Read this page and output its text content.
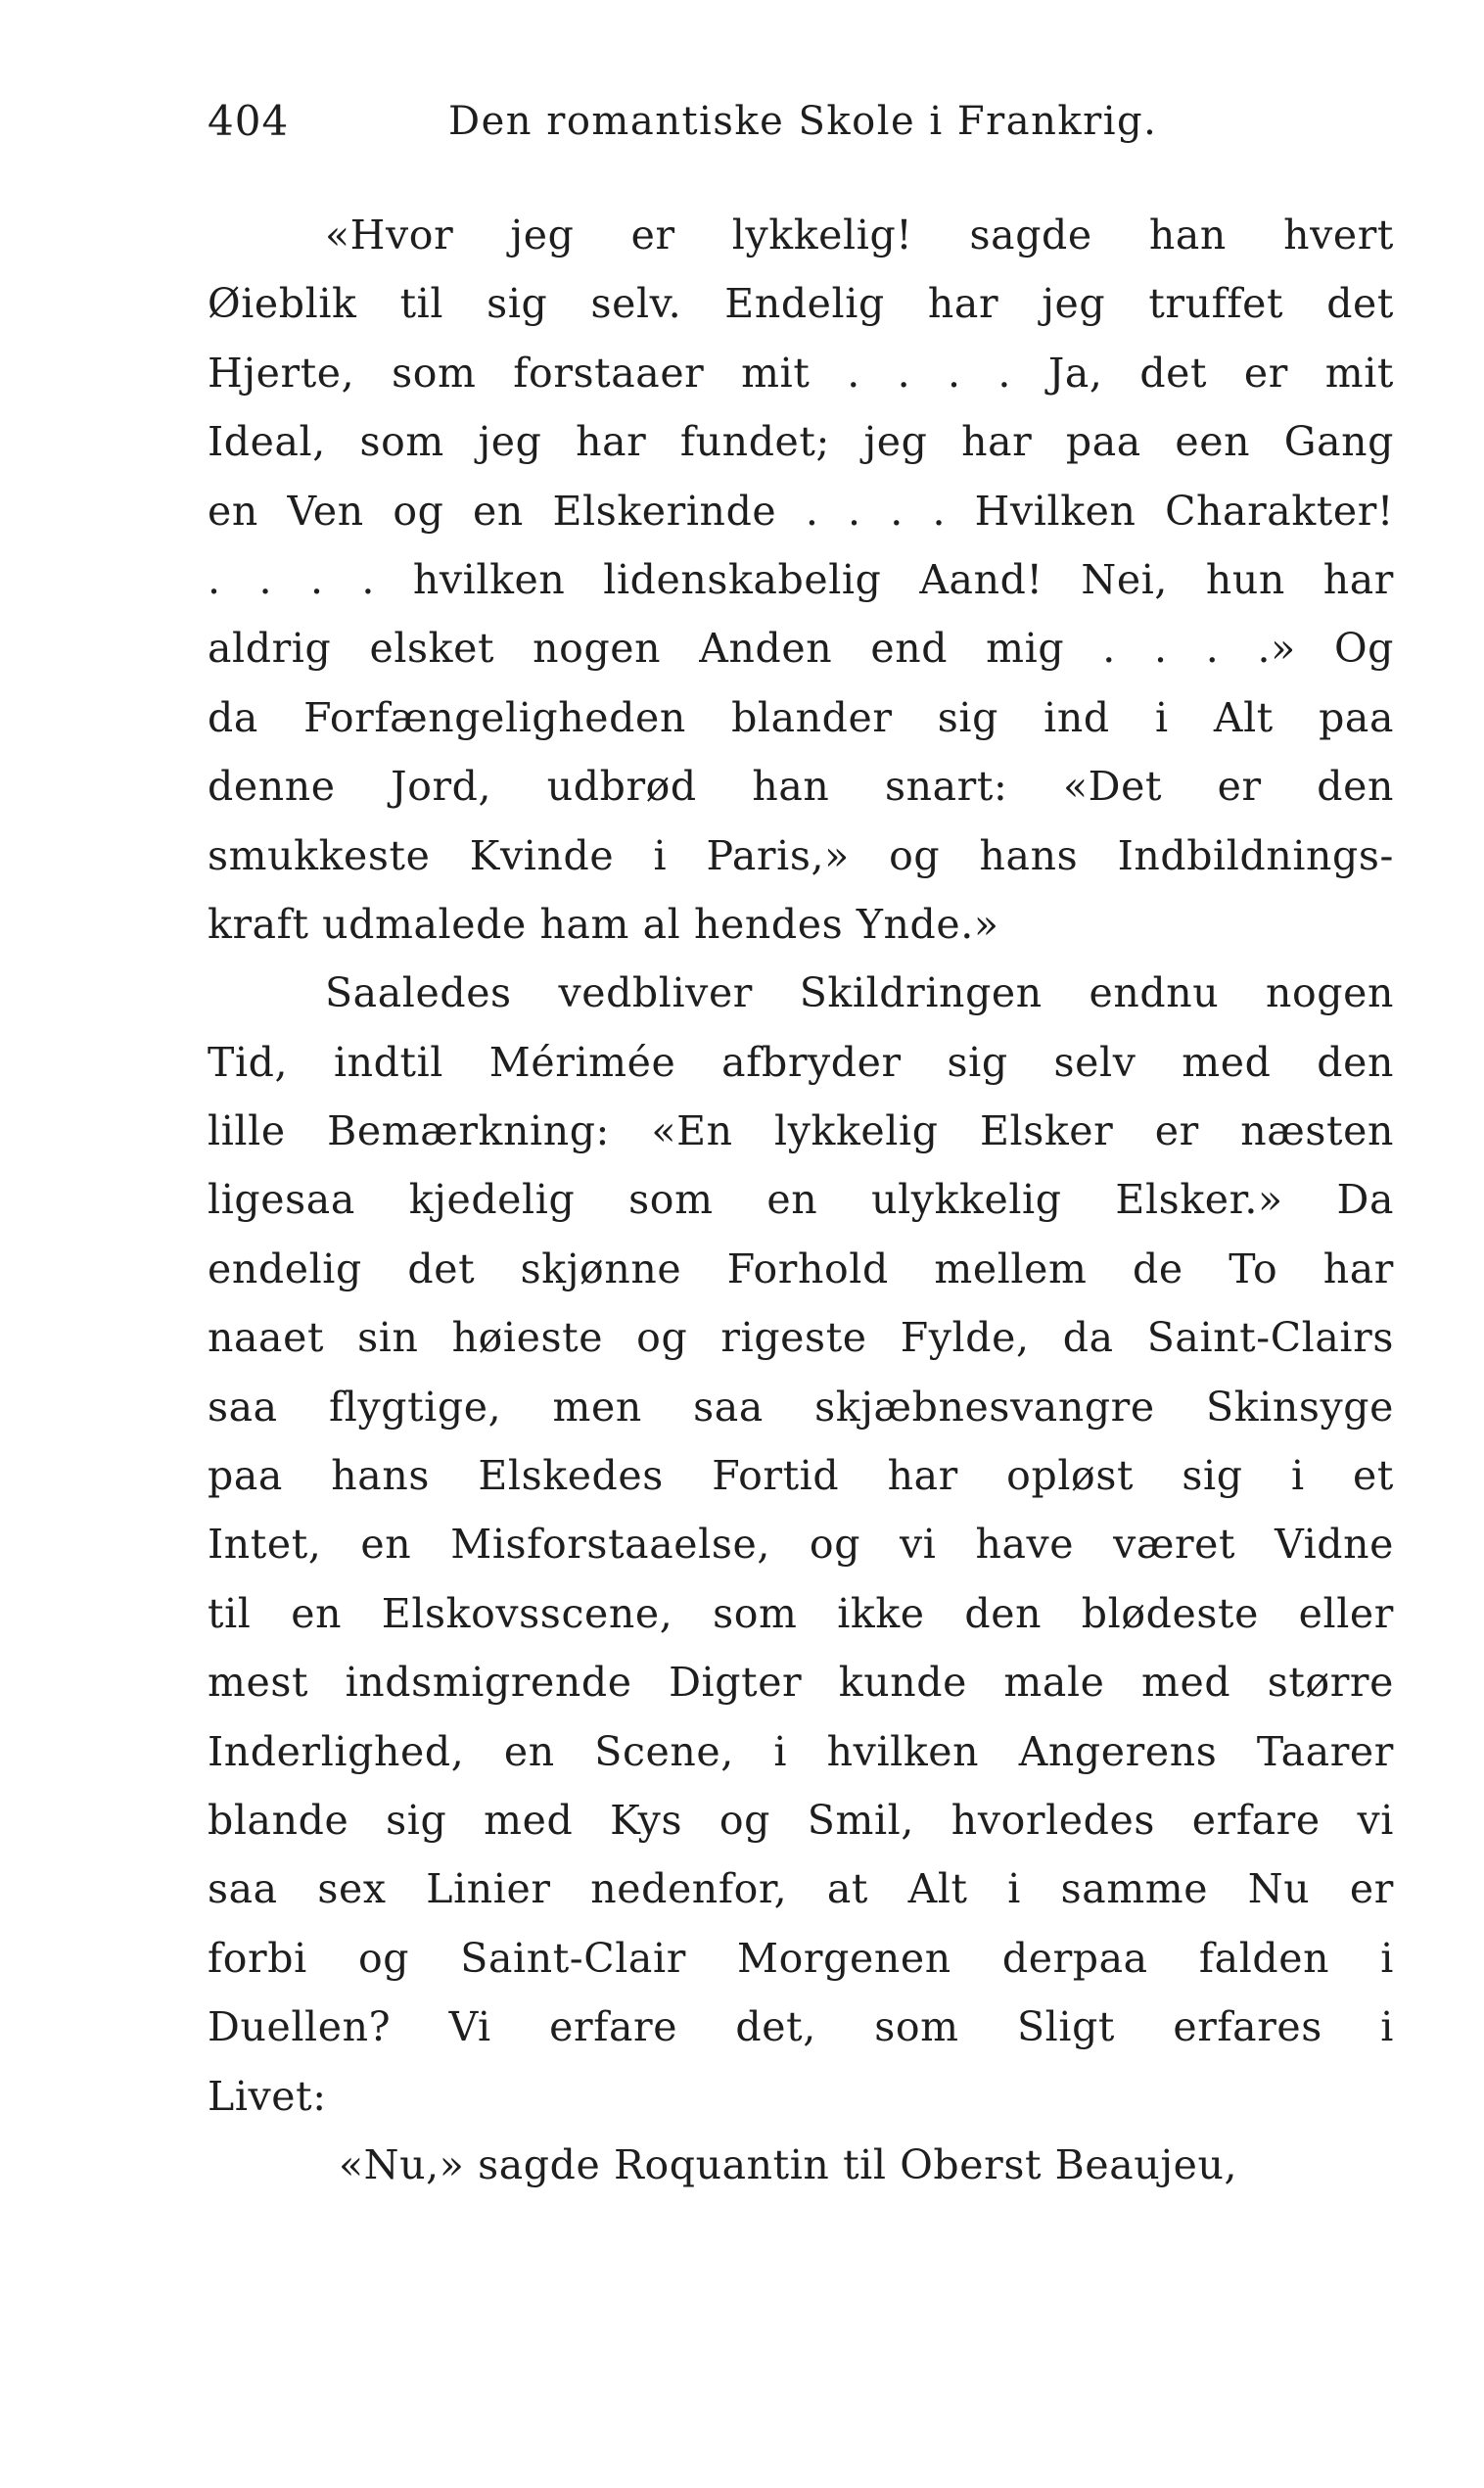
404	Den romantiske Skole i Frankrig.
«Hvor jeg er lykkelig! sagde han hvert
Øieblik til sig selv. Endelig har jeg truffet det
Hjerte, som forstaaer mit . . . . Ja, det er mit
Ideal, som jeg har fundet; jeg har paa een Gang
en Ven og en Elskerinde . . . . Hvilken Charakter!
. . . . hvilken lidenskabelig Aand! Nei, hun har
aldrig elsket nogen Anden end mig . . . .» Og
da Forfængeligheden blander sig ind i Alt paa
denne Jord, udbrød han snart: «Det er den
smukkeste Kvinde i Paris,» og hans Indbildnings-
kraft udmalede ham al hendes Ynde.»
Saaledes vedbliver Skildringen endnu nogen
Tid, indtil Mérimée afbryder sig selv med den
lille Bemærkning: «En lykkelig Elsker er næsten
ligesaa kjedelig som en ulykkelig Elsker.» Da
endelig det skjønne Forhold mellem de To har
naaet sin høieste og rigeste Fylde, da Saint-Clairs
saa flygtige, men saa skjæbnesvangre Skinsyge
paa hans Elskedes Fortid har opløst sig i et
Intet, en Misforstaaelse, og vi have været Vidne
til en Elskovsscene, som ikke den blødeste eller
mest indsmigrende Digter kunde male med større
Inderlighed, en Scene, i hvilken Angerens Taarer
blande sig med Kys og Smil, hvorledes erfare vi
saa sex Linier nedenfor, at Alt i samme Nu er
forbi og Saint-Clair Morgenen derpaa falden i
Duellen? Vi erfare det, som Sligt erfares i
Livet:
«Nu,» sagde Roquantin til Oberst Beaujeu,
